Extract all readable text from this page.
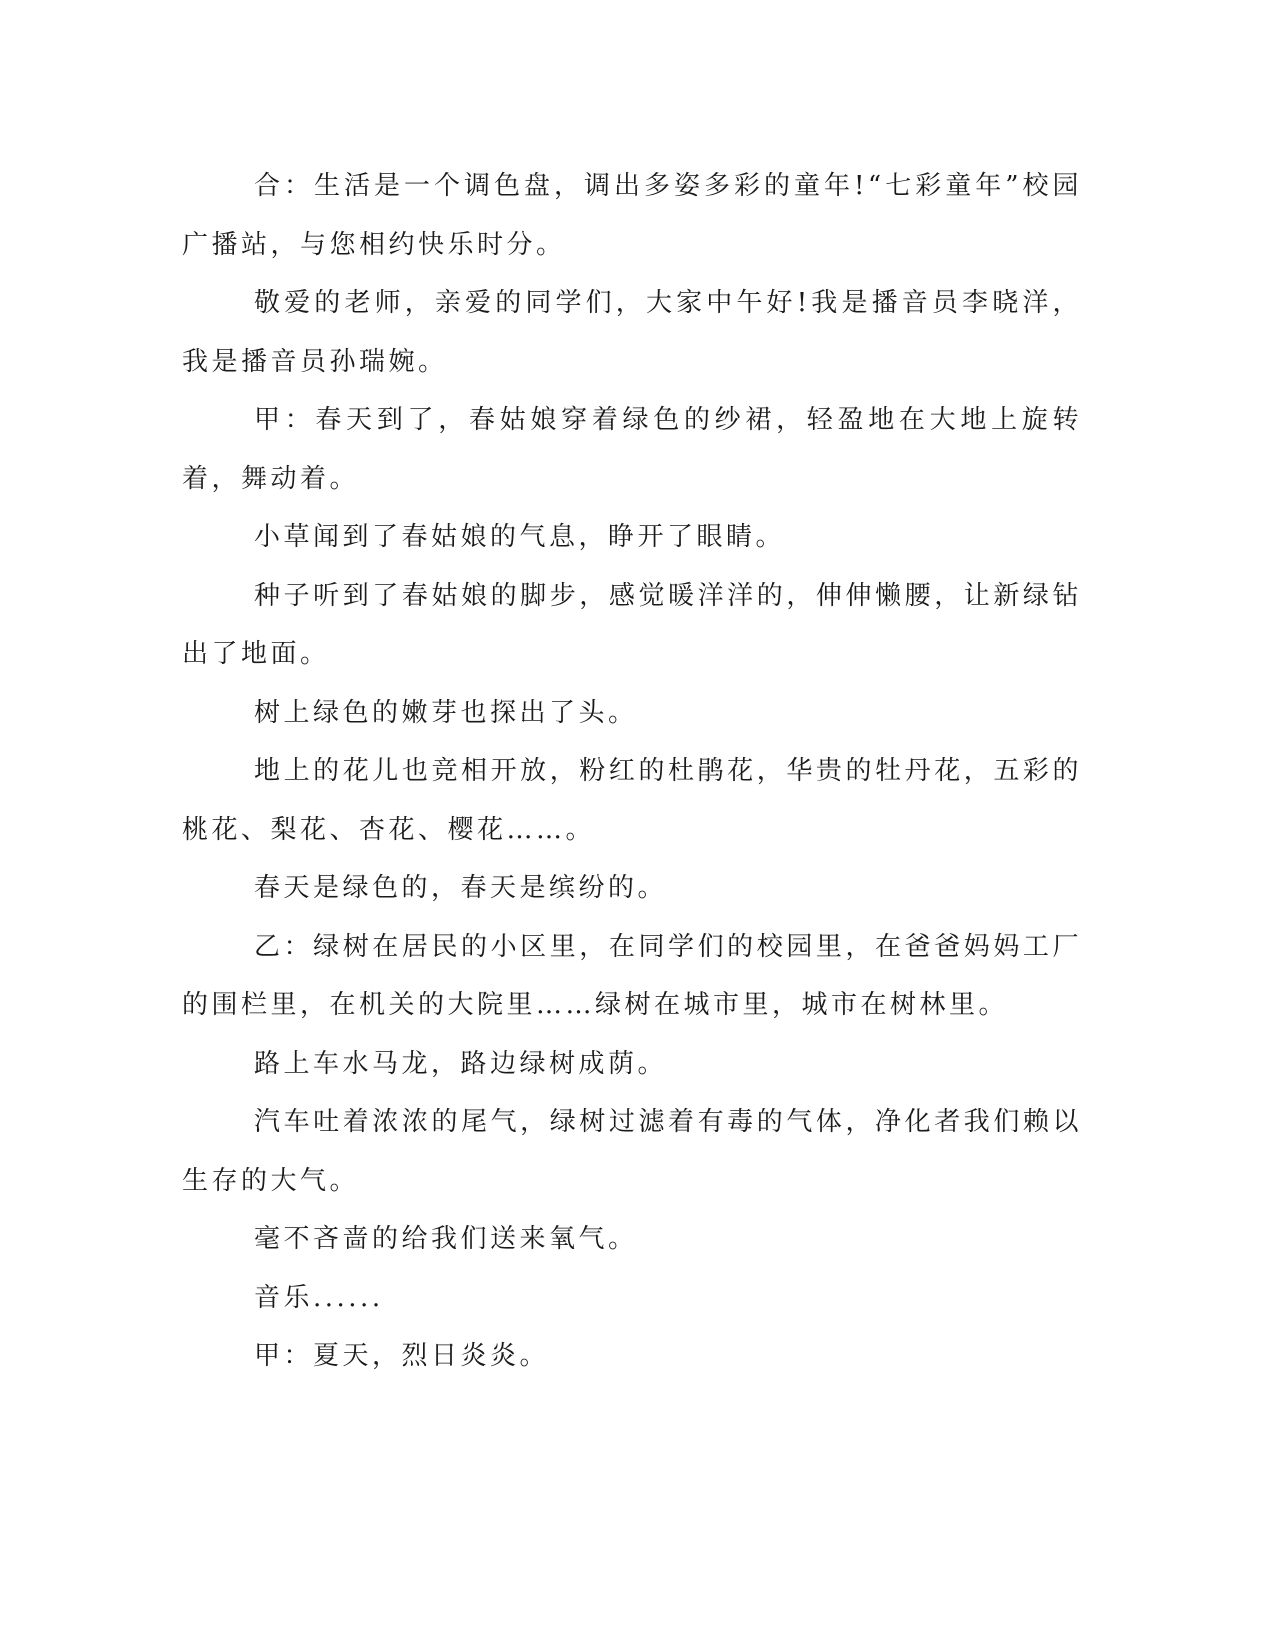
合：生活是一个调色盘，调出多姿多彩的童年!“七彩童年”校园广播站，与您相约快乐时分。

敬爱的老师，亲爱的同学们，大家中午好!我是播音员李晓洋，我是播音员孙瑞婉。

甲：春天到了，春姑娘穿着绿色的纱裙，轻盈地在大地上旋转着，舞动着。

小草闻到了春姑娘的气息，睁开了眼睛。

种子听到了春姑娘的脚步，感觉暖洋洋的，伸伸懒腰，让新绿钻出了地面。

树上绿色的嫩芽也探出了头。

地上的花儿也竞相开放，粉红的杜鹃花，华贵的牡丹花，五彩的桃花、梨花、杏花、樱花……。

春天是绿色的，春天是缤纷的。

乙：绿树在居民的小区里，在同学们的校园里，在爸爸妈妈工厂的围栏里，在机关的大院里……绿树在城市里，城市在树林里。

路上车水马龙，路边绿树成荫。

汽车吐着浓浓的尾气，绿树过滤着有毒的气体，净化者我们赖以生存的大气。

毫不吝啬的给我们送来氧气。

音乐......

甲：夏天，烈日炎炎。
